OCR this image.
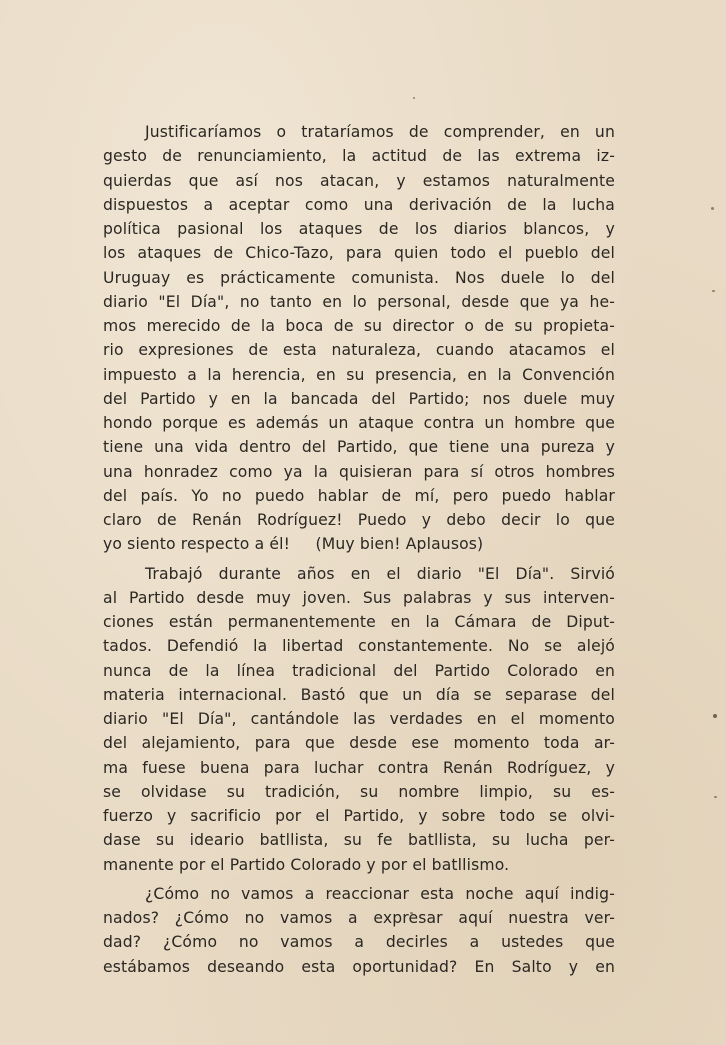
Justificaríamos o trataríamos de comprender, en un
gesto de renunciamiento, la actitud de las extrema iz-
quierdas que así nos atacan, y estamos naturalmente
dispuestos a aceptar como una derivación de la lucha
política pasional los ataques de los diarios blancos, y
los ataques de Chico-Tazo, para quien todo el pueblo del
Uruguay es prácticamente comunista. Nos duele lo del
diario "El Día", no tanto en lo personal, desde que ya he-
mos merecido de la boca de su director o de su propieta-
rio expresiones de esta naturaleza, cuando atacamos el
impuesto a la herencia, en su presencia, en la Convención
del Partido y en la bancada del Partido; nos duele muy
hondo porque es además un ataque contra un hombre que
tiene una vida dentro del Partido, que tiene una pureza y
una honradez como ya la quisieran para sí otros hombres
del país. Yo no puedo hablar de mí, pero puedo hablar
claro de Renán Rodríguez! Puedo y debo decir lo que
yo siento respecto a él!     (Muy bien! Aplausos)
Trabajó durante años en el diario "El Día". Sirvió
al Partido desde muy joven. Sus palabras y sus interven-
ciones están permanentemente en la Cámara de Diput-
tados. Defendió la libertad constantemente. No se alejó
nunca de la línea tradicional del Partido Colorado en
materia internacional. Bastó que un día se separase del
diario "El Día", cantándole las verdades en el momento
del alejamiento, para que desde ese momento toda ar-
ma fuese buena para luchar contra Renán Rodríguez, y
se olvidase su tradición, su nombre limpio, su es-
fuerzo y sacrificio por el Partido, y sobre todo se olvi-
dase su ideario batllista, su fe batllista, su lucha per-
manente por el Partido Colorado y por el batllismo.
¿Cómo no vamos a reaccionar esta noche aquí indig-
nados? ¿Cómo no vamos a expresar aquí nuestra ver-
dad? ¿Cómo no vamos a decirles a ustedes que
estábamos deseando esta oportunidad? En Salto y en
